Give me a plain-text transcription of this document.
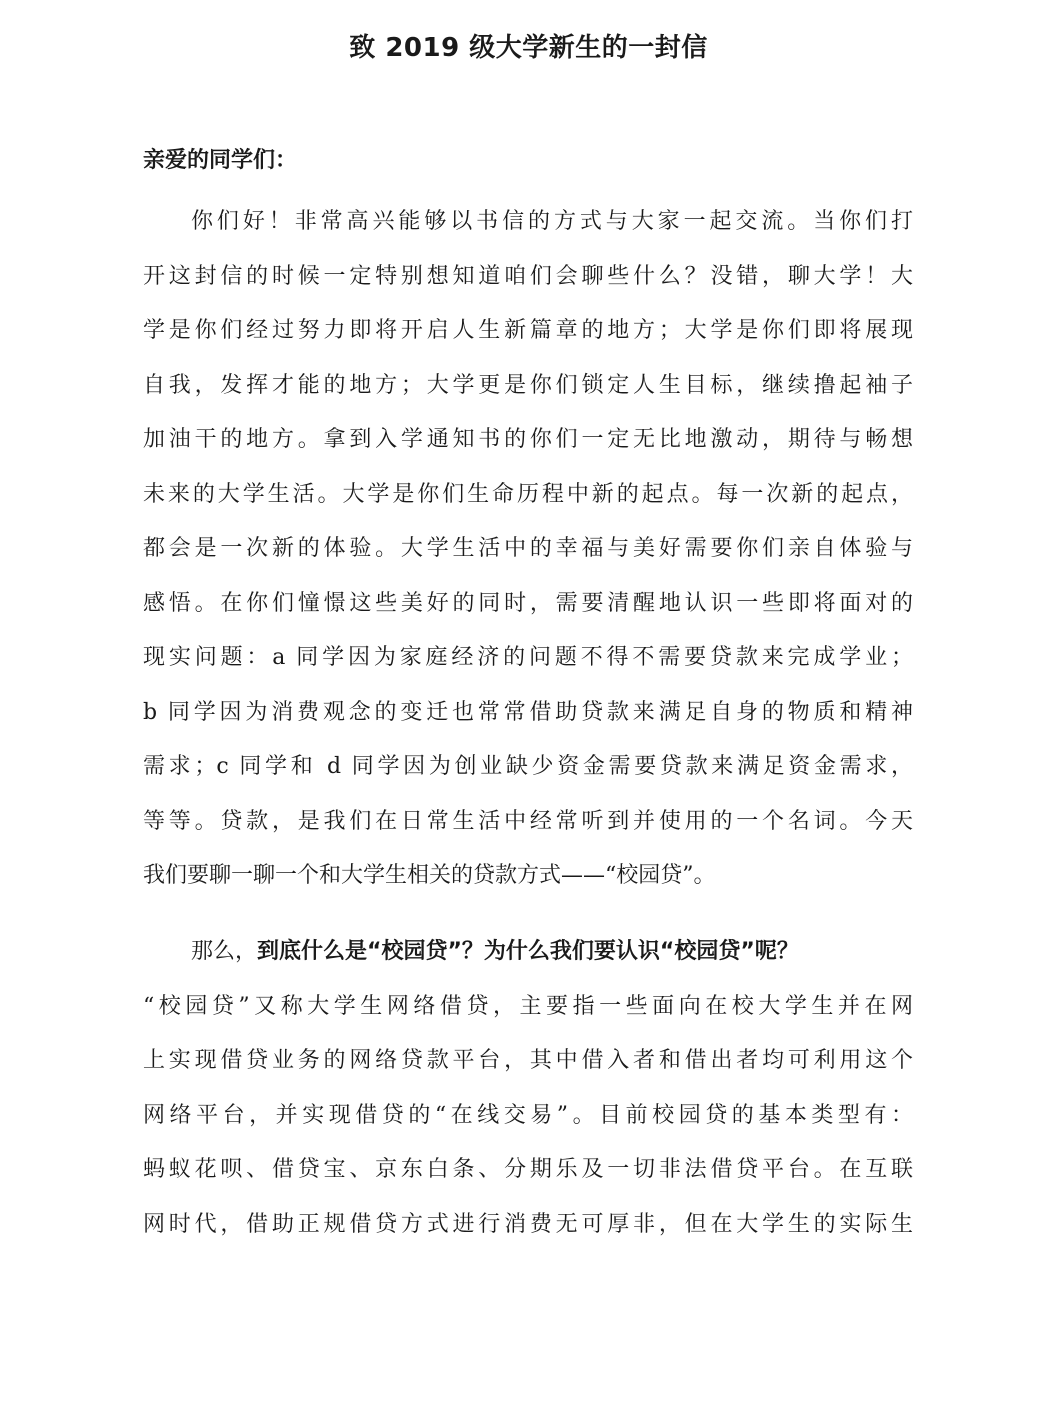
致 2019 级大学新生的一封信
亲爱的同学们：
你们好！非常高兴能够以书信的方式与大家一起交流。当你们打
开这封信的时候一定特别想知道咱们会聊些什么？没错，聊大学！大
学是你们经过努力即将开启人生新篇章的地方；大学是你们即将展现
自我，发挥才能的地方；大学更是你们锁定人生目标，继续撸起袖子
加油干的地方。拿到入学通知书的你们一定无比地激动，期待与畅想
未来的大学生活。大学是你们生命历程中新的起点。每一次新的起点，
都会是一次新的体验。大学生活中的幸福与美好需要你们亲自体验与
感悟。在你们憧憬这些美好的同时，需要清醒地认识一些即将面对的
现实问题：a 同学因为家庭经济的问题不得不需要贷款来完成学业；
b 同学因为消费观念的变迁也常常借助贷款来满足自身的物质和精神
需求；c 同学和 d 同学因为创业缺少资金需要贷款来满足资金需求，
等等。贷款，是我们在日常生活中经常听到并使用的一个名词。今天
我们要聊一聊一个和大学生相关的贷款方式——“校园贷”。
那么，到底什么是“校园贷”？为什么我们要认识“校园贷”呢？
“校园贷”又称大学生网络借贷，主要指一些面向在校大学生并在网
上实现借贷业务的网络贷款平台，其中借入者和借出者均可利用这个
网络平台，并实现借贷的“在线交易”。目前校园贷的基本类型有：
蚂蚁花呗、借贷宝、京东白条、分期乐及一切非法借贷平台。在互联
网时代，借助正规借贷方式进行消费无可厚非，但在大学生的实际生
